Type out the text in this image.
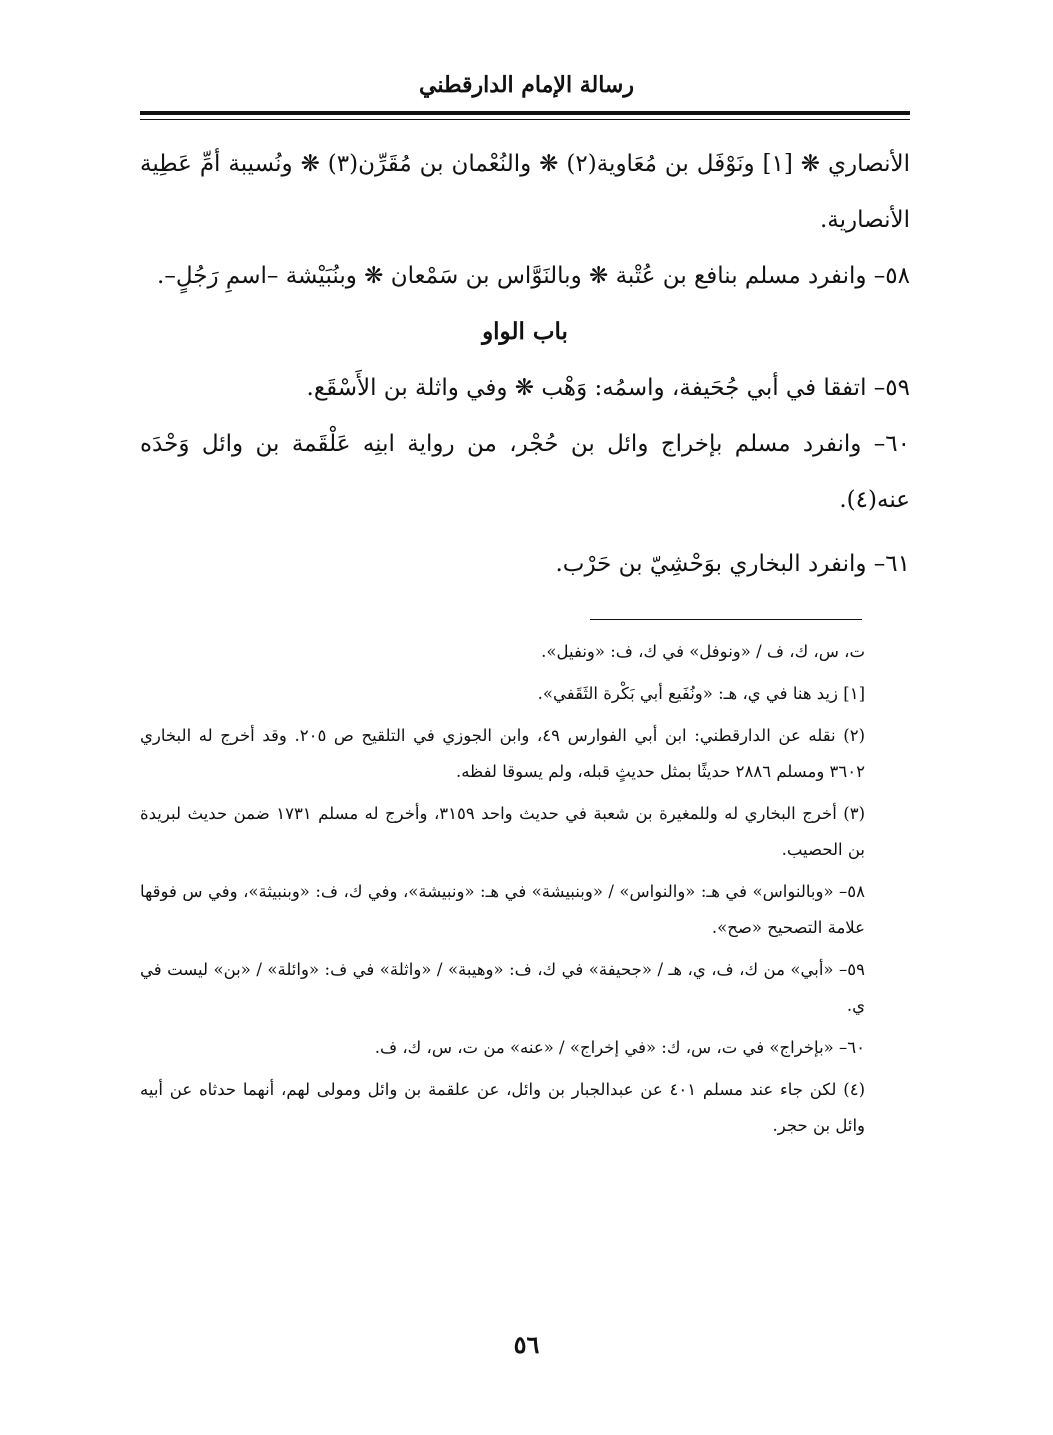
رسالة الإمام الدارقطني

الأنصاري ❋ [١] ونَوْفَل بن مُعَاوية(٢) ❋ والنُعْمان بن مُقَرِّن(٣) ❋ ونُسيبة أمِّ عَطِية الأنصارية.

٥٨– وانفرد مسلم بنافع بن عُتْبة ❋ وبالنَوَّاس بن سَمْعان ❋ وبنُبَيْشة –اسمِ رَجُلٍ–.

باب الواو

٥٩– اتفقا في أبي جُحَيفة، واسمُه: وَهْب ❋ وفي واثلة بن الأَسْقَع.

٦٠– وانفرد مسلم بإخراج وائل بن حُجْر، من رواية ابنِه عَلْقَمة بن وائل وَحْدَه عنه(٤).

٦١– وانفرد البخاري بوَحْشِيّ بن حَرْب.

ت، س، ك، ف / «ونوفل» في ك، ف: «ونفيل».

[١] زيد هنا في ي، هـ: «ونُفَيع أبي بَكْرة الثَقَفي».

(٢) نقله عن الدارقطني: ابن أبي الفوارس ٤٩، وابن الجوزي في التلقيح ص ٢٠٥. وقد أخرج له البخاري ٣٦٠٢ ومسلم ٢٨٨٦ حديثًا بمثل حديثٍ قبله، ولم يسوقا لفظه.

(٣) أخرج البخاري له وللمغيرة بن شعبة في حديث واحد ٣١٥٩، وأخرج له مسلم ١٧٣١ ضمن حديث لبريدة بن الحصيب.

٥٨– «وبالنواس» في هـ: «والنواس» / «وبنبيشة» في هـ: «ونبيشة»، وفي ك، ف: «وبنبيثة»، وفي س فوقها علامة التصحيح «صح».

٥٩– «أبي» من ك، ف، ي، هـ / «جحيفة» في ك، ف: «وهيبة» / «واثلة» في ف: «وائلة» / «بن» ليست في ي.

٦٠– «بإخراج» في ت، س، ك: «في إخراج» / «عنه» من ت، س، ك، ف.

(٤) لكن جاء عند مسلم ٤٠١ عن عبدالجبار بن وائل، عن علقمة بن وائل ومولى لهم، أنهما حدثاه عن أبيه وائل بن حجر.

٥٦
